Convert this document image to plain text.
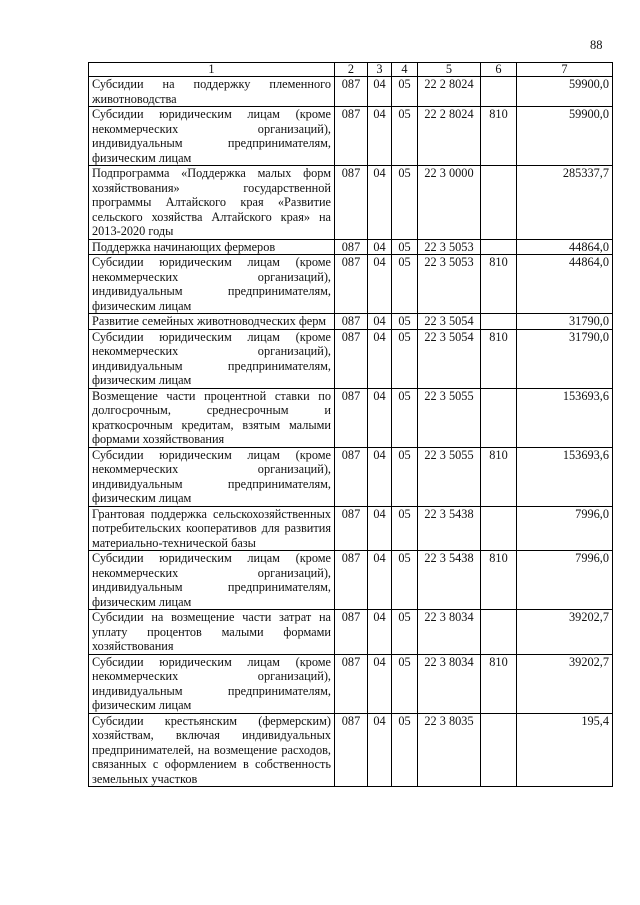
88
1	2	3	4	5	6	7
Субсидии на поддержку племенного животноводства	087	04	05	22 2 8024		59900,0
Субсидии юридическим лицам (кроме некоммерческих организаций), индивидуальным предпринимателям, физическим лицам	087	04	05	22 2 8024	810	59900,0
Подпрограмма «Поддержка малых форм хозяйствования» государственной программы Алтайского края «Развитие сельского хозяйства Алтайского края» на 2013-2020 годы	087	04	05	22 3 0000		285337,7
Поддержка начинающих фермеров	087	04	05	22 3 5053		44864,0
Субсидии юридическим лицам (кроме некоммерческих организаций), индивидуальным предпринимателям, физическим лицам	087	04	05	22 3 5053	810	44864,0
Развитие семейных животноводческих ферм	087	04	05	22 3 5054		31790,0
Субсидии юридическим лицам (кроме некоммерческих организаций), индивидуальным предпринимателям, физическим лицам	087	04	05	22 3 5054	810	31790,0
Возмещение части процентной ставки по долгосрочным, среднесрочным и краткосрочным кредитам, взятым малыми формами хозяйствования	087	04	05	22 3 5055		153693,6
Субсидии юридическим лицам (кроме некоммерческих организаций), индивидуальным предпринимателям, физическим лицам	087	04	05	22 3 5055	810	153693,6
Грантовая поддержка сельскохозяйственных потребительских кооперативов для развития материально-технической базы	087	04	05	22 3 5438		7996,0
Субсидии юридическим лицам (кроме некоммерческих организаций), индивидуальным предпринимателям, физическим лицам	087	04	05	22 3 5438	810	7996,0
Субсидии на возмещение части затрат на уплату процентов малыми формами хозяйствования	087	04	05	22 3 8034		39202,7
Субсидии юридическим лицам (кроме некоммерческих организаций), индивидуальным предпринимателям, физическим лицам	087	04	05	22 3 8034	810	39202,7
Субсидии крестьянским (фермерским) хозяйствам, включая индивидуальных предпринимателей, на возмещение расходов, связанных с оформлением в собственность земельных участков	087	04	05	22 3 8035		195,4
